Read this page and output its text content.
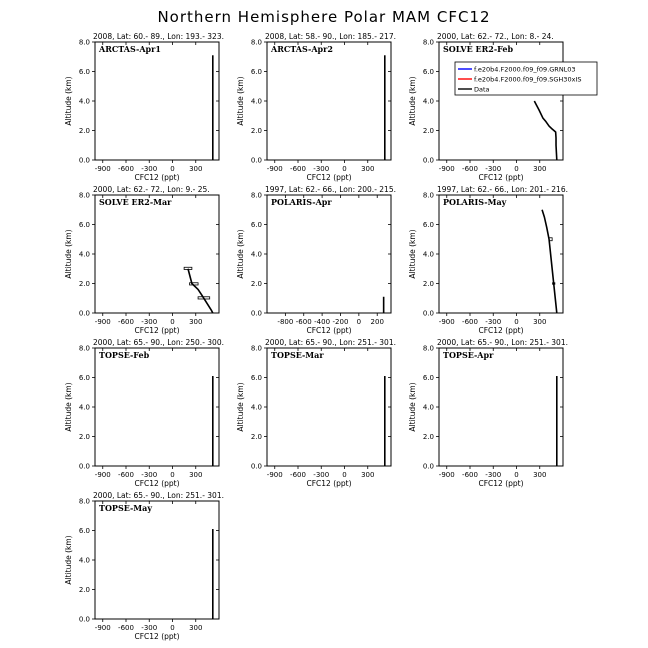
Northern Hemisphere Polar MAM CFC12
2008, Lat: 60.- 89., Lon: 193.- 323.
ARCTAS-Apr1
0.0
2.0
4.0
6.0
8.0
-900 -600 -300 0 300
CFC12 (ppt)
Altitude (km)
2008, Lat: 58.- 90., Lon: 185.- 217.
ARCTAS-Apr2
0.0
2.0
4.0
6.0
8.0
-900 -600 -300 0 300
CFC12 (ppt)
Altitude (km)
2000, Lat: 62.- 72., Lon: 8.- 24.
SOLVE ER2-Feb
0.0
2.0
4.0
6.0
8.0
-900 -600 -300 0 300
CFC12 (ppt)
Altitude (km)
f.e20b4.F2000.f09_f09.GRNL03
f.e20b4.F2000.f09_f09.SGH30xIS
Data
2000, Lat: 62.- 72., Lon: 9.- 25.
SOLVE ER2-Mar
0.0
2.0
4.0
6.0
8.0
-900 -600 -300 0 300
CFC12 (ppt)
Altitude (km)
1997, Lat: 62.- 66., Lon: 200.- 215.
POLARIS-Apr
0.0
2.0
4.0
6.0
8.0
-800 -600 -400 -200 0 200
CFC12 (ppt)
Altitude (km)
1997, Lat: 62.- 66., Lon: 201.- 216.
POLARIS-May
0.0
2.0
4.0
6.0
8.0
-900 -600 -300 0 300
CFC12 (ppt)
Altitude (km)
2000, Lat: 65.- 90., Lon: 250.- 300.
TOPSE-Feb
0.0
2.0
4.0
6.0
8.0
-900 -600 -300 0 300
CFC12 (ppt)
Altitude (km)
2000, Lat: 65.- 90., Lon: 251.- 301.
TOPSE-Mar
0.0
2.0
4.0
6.0
8.0
-900 -600 -300 0 300
CFC12 (ppt)
Altitude (km)
2000, Lat: 65.- 90., Lon: 251.- 301.
TOPSE-Apr
0.0
2.0
4.0
6.0
8.0
-900 -600 -300 0 300
CFC12 (ppt)
Altitude (km)
2000, Lat: 65.- 90., Lon: 251.- 301.
TOPSE-May
0.0
2.0
4.0
6.0
8.0
-900 -600 -300 0 300
CFC12 (ppt)
Altitude (km)
